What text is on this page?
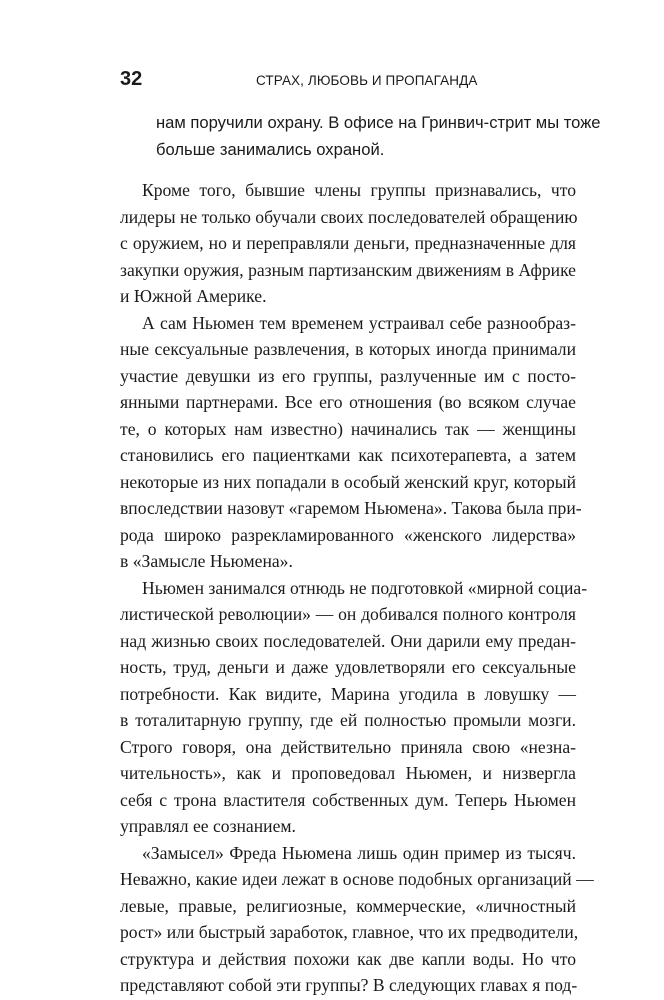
32	СТРАХ, ЛЮБОВЬ И ПРОПАГАНДА
нам поручили охрану. В офисе на Гринвич-стрит мы тоже
больше занимались охраной.
Кроме того, бывшие члены группы признавались, что
лидеры не только обучали своих последователей обращению
с оружием, но и переправляли деньги, предназначенные для
закупки оружия, разным партизанским движениям в Африке
и Южной Америке.
А сам Ньюмен тем временем устраивал себе разнообраз-
ные сексуальные развлечения, в которых иногда принимали
участие девушки из его группы, разлученные им с посто-
янными партнерами. Все его отношения (во всяком случае
те, о которых нам известно) начинались так — женщины
становились его пациентками как психотерапевта, а затем
некоторые из них попадали в особый женский круг, который
впоследствии назовут «гаремом Ньюмена». Такова была при-
рода широко разрекламированного «женского лидерства»
в «Замысле Ньюмена».
Ньюмен занимался отнюдь не подготовкой «мирной социа-
листической революции» — он добивался полного контроля
над жизнью своих последователей. Они дарили ему предан-
ность, труд, деньги и даже удовлетворяли его сексуальные
потребности. Как видите, Марина угодила в ловушку —
в тоталитарную группу, где ей полностью промыли мозги.
Строго говоря, она действительно приняла свою «незна-
чительность», как и проповедовал Ньюмен, и низвергла
себя с трона властителя собственных дум. Теперь Ньюмен
управлял ее сознанием.
«Замысел» Фреда Ньюмена лишь один пример из тысяч.
Неважно, какие идеи лежат в основе подобных организаций —
левые, правые, религиозные, коммерческие, «личностный
рост» или быстрый заработок, главное, что их предводители,
структура и действия похожи как две капли воды. Но что
представляют собой эти группы? В следующих главах я под-
